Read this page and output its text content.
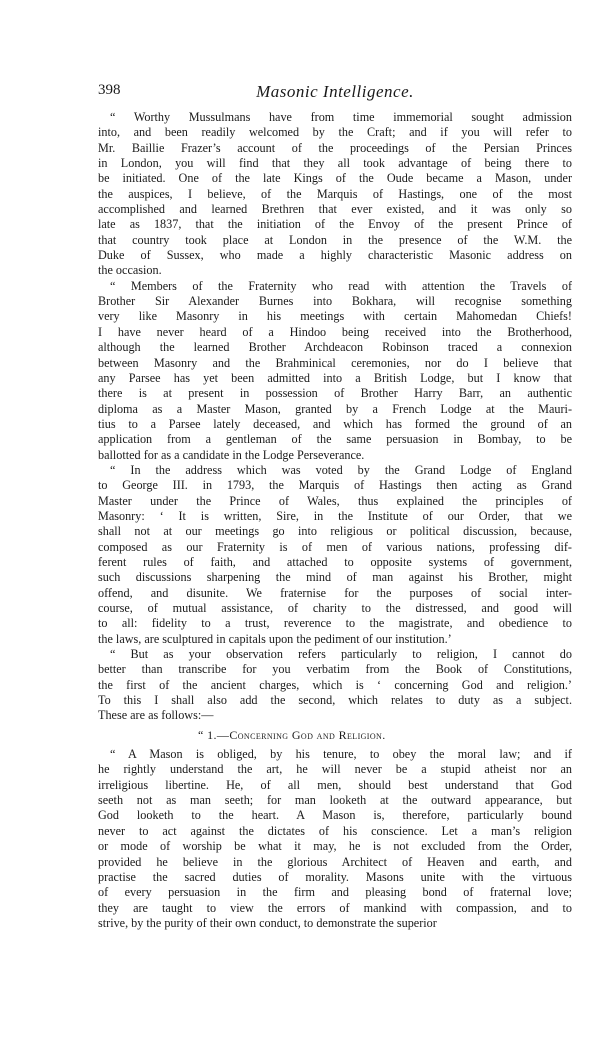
398	Masonic Intelligence.
“ Worthy Mussulmans have from time immemorial sought admission
into, and been readily welcomed by the Craft; and if you will refer to
Mr. Baillie Frazer’s account of the proceedings of the Persian Princes
in London, you will find that they all took advantage of being there to
be initiated. One of the late Kings of the Oude became a Mason, under
the auspices, I believe, of the Marquis of Hastings, one of the most
accomplished and learned Brethren that ever existed, and it was only so
late as 1837, that the initiation of the Envoy of the present Prince of
that country took place at London in the presence of the W.M. the
Duke of Sussex, who made a highly characteristic Masonic address on
the occasion.
“ Members of the Fraternity who read with attention the Travels of
Brother Sir Alexander Burnes into Bokhara, will recognise something
very like Masonry in his meetings with certain Mahomedan Chiefs!
I have never heard of a Hindoo being received into the Brotherhood,
although the learned Brother Archdeacon Robinson traced a connexion
between Masonry and the Brahminical ceremonies, nor do I believe that
any Parsee has yet been admitted into a British Lodge, but I know that
there is at present in possession of Brother Harry Barr, an authentic
diploma as a Master Mason, granted by a French Lodge at the Mauri-
tius to a Parsee lately deceased, and which has formed the ground of an
application from a gentleman of the same persuasion in Bombay, to be
ballotted for as a candidate in the Lodge Perseverance.
“ In the address which was voted by the Grand Lodge of England
to George III. in 1793, the Marquis of Hastings then acting as Grand
Master under the Prince of Wales, thus explained the principles of
Masonry: ‘ It is written, Sire, in the Institute of our Order, that we
shall not at our meetings go into religious or political discussion, because,
composed as our Fraternity is of men of various nations, professing dif-
ferent rules of faith, and attached to opposite systems of government,
such discussions sharpening the mind of man against his Brother, might
offend, and disunite. We fraternise for the purposes of social inter-
course, of mutual assistance, of charity to the distressed, and good will
to all: fidelity to a trust, reverence to the magistrate, and obedience to
the laws, are sculptured in capitals upon the pediment of our institution.’
“ But as your observation refers particularly to religion, I cannot do
better than transcribe for you verbatim from the Book of Constitutions,
the first of the ancient charges, which is ‘ concerning God and religion.’
To this I shall also add the second, which relates to duty as a subject.
These are as follows:—
“ 1.—Concerning God and Religion.
“ A Mason is obliged, by his tenure, to obey the moral law; and if
he rightly understand the art, he will never be a stupid atheist nor an
irreligious libertine. He, of all men, should best understand that God
seeth not as man seeth; for man looketh at the outward appearance, but
God looketh to the heart. A Mason is, therefore, particularly bound
never to act against the dictates of his conscience. Let a man’s religion
or mode of worship be what it may, he is not excluded from the Order,
provided he believe in the glorious Architect of Heaven and earth, and
practise the sacred duties of morality. Masons unite with the virtuous
of every persuasion in the firm and pleasing bond of fraternal love;
they are taught to view the errors of mankind with compassion, and to
strive, by the purity of their own conduct, to demonstrate the superior
